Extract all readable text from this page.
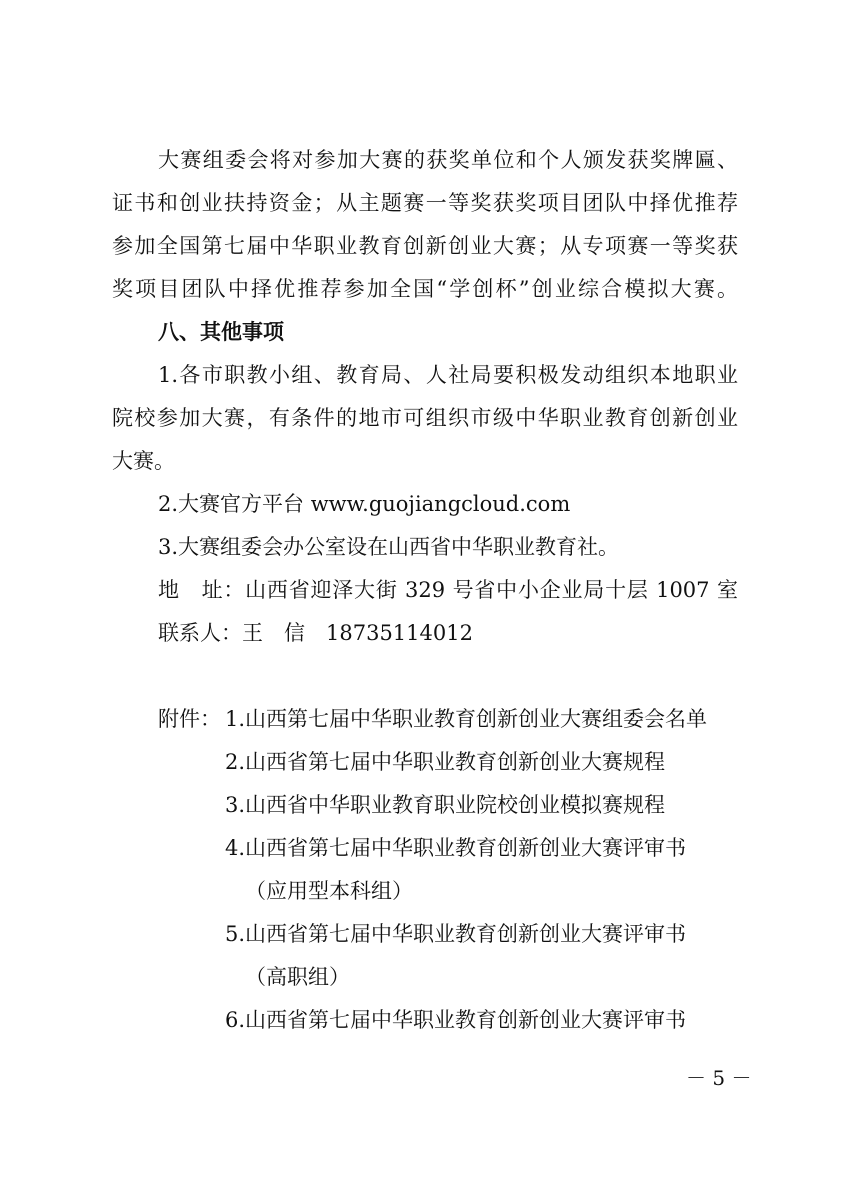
大赛组委会将对参加大赛的获奖单位和个人颁发获奖牌匾、
证书和创业扶持资金；从主题赛一等奖获奖项目团队中择优推荐
参加全国第七届中华职业教育创新创业大赛；从专项赛一等奖获
奖项目团队中择优推荐参加全国“学创杯”创业综合模拟大赛。
八、其他事项
1.各市职教小组、教育局、人社局要积极发动组织本地职业
院校参加大赛，有条件的地市可组织市级中华职业教育创新创业
大赛。
2.大赛官方平台 www.guojiangcloud.com
3.大赛组委会办公室设在山西省中华职业教育社。
地　址：山西省迎泽大街 329 号省中小企业局十层 1007 室
联系人：王　信　18735114012
附件： 1.山西第七届中华职业教育创新创业大赛组委会名单
2.山西省第七届中华职业教育创新创业大赛规程
3.山西省中华职业教育职业院校创业模拟赛规程
4.山西省第七届中华职业教育创新创业大赛评审书
（应用型本科组）
5.山西省第七届中华职业教育创新创业大赛评审书
（高职组）
6.山西省第七届中华职业教育创新创业大赛评审书
－ 5 －
